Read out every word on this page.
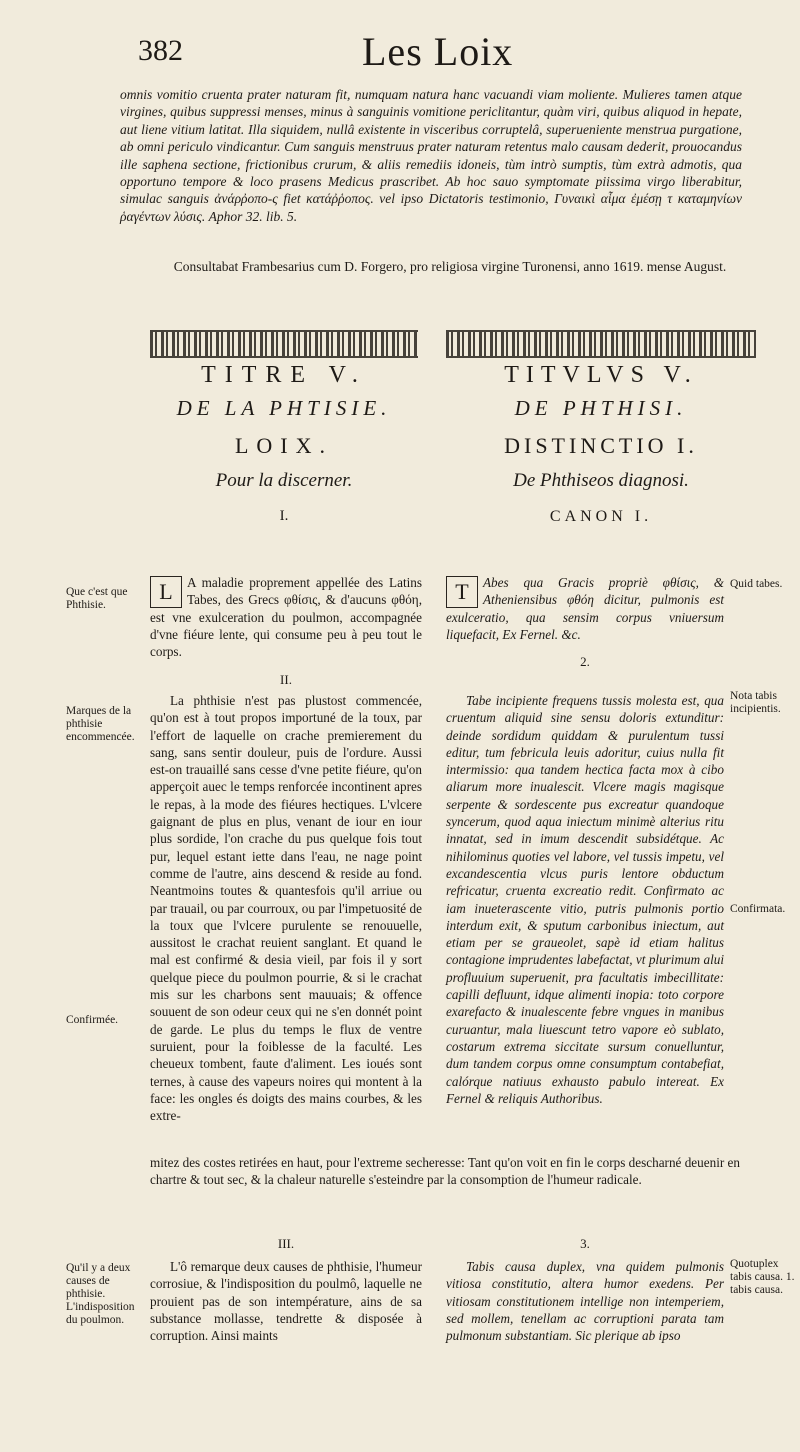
382	Les Loix

omnis vomitio cruenta prater naturam fit, numquam natura hanc vacuandi viam moliente. Mulieres tamen atque virgines, quibus suppressi menses, minus à sanguinis vomitione periclitantur, quàm viri, quibus aliquod in hepate, aut liene vitium latitat. Illa siquidem, nullâ existente in visceribus corruptelâ, superueniente menstrua purgatione, ab omni periculo vindicantur. Cum sanguis menstruus prater naturam retentus malo causam dederit, prouocandus ille saphena sectione, frictionibus crurum, & aliis remediis idoneis, tùm intrò sumptis, tùm extrà admotis, qua opportuno tempore & loco prasens Medicus prascribet. Ab hoc sauo symptomate piissima virgo liberabitur, simulac sanguis ἀνάρῤοπο-ς fiet κατάῤῥοπος. vel ipso Dictatoris testimonio, Γυναικὶ αἷμα ἐμέσῃ τ καταμηνίων ῥαγέντων λύσις. Aphor 32. lib. 5.

Consultabat Frambesarius cum D. Forgero, pro religiosa virgine Turonensi, anno 1619. mense August.
TITRE V.	TITVLVS V.
DE LA PHTISIE.	DE PHTHISI.
LOIX.	DISTINCTIO I.
Pour la discerner.	De Phthiseos diagnosi.
I.	CANON I.
Que c'est que Phthisie.

L	A maladie proprement appellée des Latins Tabes, des Grecs φθίσις, & d'aucuns φθόη, est vne exulceration du poulmon, accompagnée d'vne fiéure lente, qui consume peu à peu tout le corps.

T	Abes qua Gracis propriè φθίσις, & Atheniensibus φθόη dicitur, pulmonis est exulceratio, qua sensim corpus vniuersum liquefacit, Ex Fernel. &c.

Quid tabes.
II.
2.
Marques de la phthisie encommencée.
Confirmée.
La phthisie n'est pas plustost commencée, qu'on est à tout propos importuné de la toux, par l'effort de laquelle on crache premierement du sang, sans sentir douleur, puis de l'ordure. Aussi est-on trauaillé sans cesse d'vne petite fiéure, qu'on apperçoit auec le temps renforcée incontinent apres le repas, à la mode des fiéures hectiques. L'vlcere gaignant de plus en plus, venant de iour en iour plus sordide, l'on crache du pus quelque fois tout pur, lequel estant iette dans l'eau, ne nage point comme de l'autre, ains descend & reside au fond. Neantmoins toutes & quantesfois qu'il arriue ou par trauail, ou par courroux, ou par l'impetuosité de la toux que l'vlcere purulente se renouuelle, aussitost le crachat reuient sanglant. Et quand le mal est confirmé & desia vieil, par fois il y sort quelque piece du poulmon pourrie, & si le crachat mis sur les charbons sent mauuais; & offence souuent de son odeur ceux qui ne s'en donnét point de garde. Le plus du temps le flux de ventre suruient, pour la foiblesse de la faculté. Les cheueux tombent, faute d'aliment. Les ioués sont ternes, à cause des vapeurs noires qui montent à la face: les ongles és doigts des mains courbes, & les extre-
Tabe incipiente frequens tussis molesta est, qua cruentum aliquid sine sensu doloris extunditur: deinde sordidum quiddam & purulentum tussi editur, tum febricula leuis adoritur, cuius nulla fit intermissio: qua tandem hectica facta mox à cibo aliarum more inualescit. Vlcere magis magisque serpente & sordescente pus excreatur quandoque syncerum, quod aqua iniectum minimè alterius ritu innatat, sed in imum descendit subsidétque. Ac nihilominus quoties vel labore, vel tussis impetu, vel excandescentia vlcus puris lentore obductum refricatur, cruenta excreatio redit. Confirmato ac iam inueterascente vitio, putris pulmonis portio interdum exit, & sputum carbonibus iniectum, aut etiam per se graueolet, sapè id etiam halitus contagione imprudentes labefactat, vt plurimum alui profluuium superuenit, pra facultatis imbecillitate: capilli defluunt, idque alimenti inopia: toto corpore exarefacto & inualescente febre vngues in manibus curuantur, mala liuescunt tetro vapore eò sublato, costarum extrema siccitate sursum conuelluntur, dum tandem corpus omne consumptum contabefiat, calórque natiuus exhausto pabulo intereat. Ex Fernel & reliquis Authoribus.
Nota tabis incipientis.
Confirmata.
mitez des costes retirées en haut, pour l'extreme secheresse: Tant qu'on voit en fin le corps descharné deuenir en chartre & tout sec, & la chaleur naturelle s'esteindre par la consomption de l'humeur radicale.
III.	3.
Qu'il y a deux causes de phthisie. L'indisposition du poulmon.
L'ô remarque deux causes de phthisie, l'humeur corrosiue, & l'indisposition du poulmô, laquelle ne prouient pas de son intempérature, ains de sa substance mollasse, tendrette & disposée à corruption. Ainsi maints
Tabis causa duplex, vna quidem pulmonis vitiosa constitutio, altera humor exedens. Per vitiosam constitutionem intellige non intemperiem, sed mollem, tenellam ac corruptioni parata tam pulmonum substantiam. Sic plerique ab ipso
Quotuplex tabis causa. 1. tabis causa.
